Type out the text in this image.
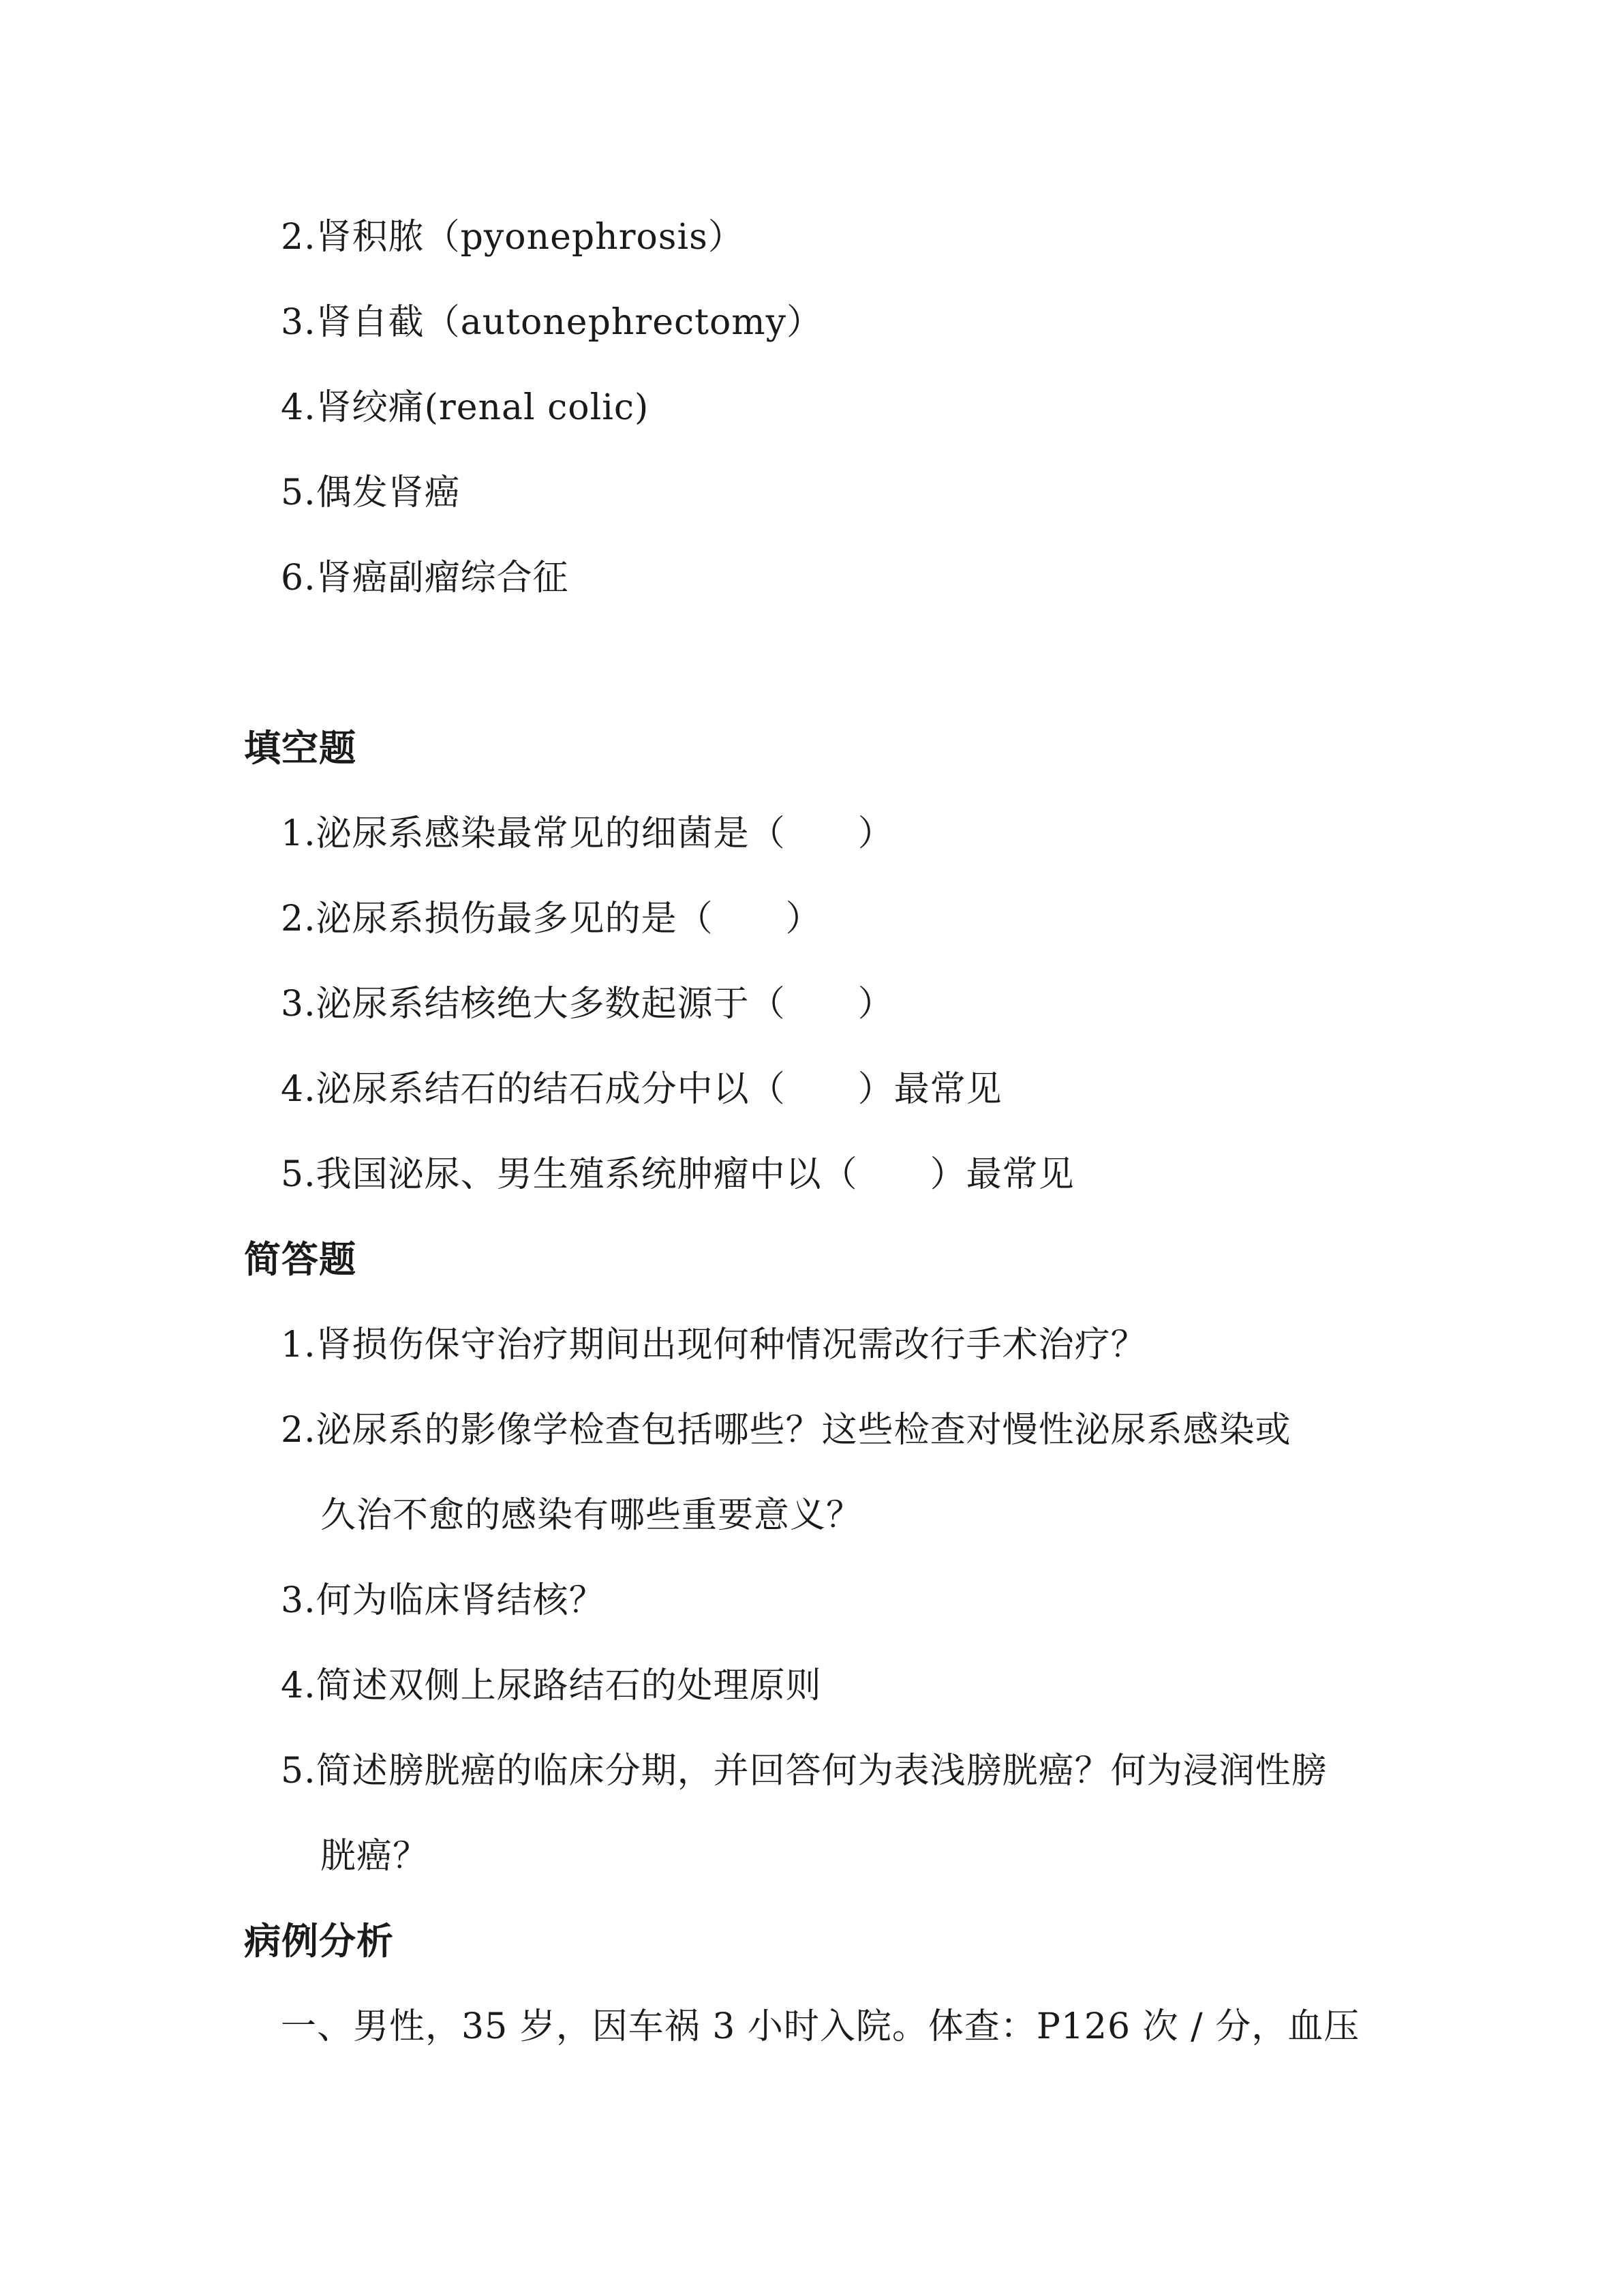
2.肾积脓（pyonephrosis）
3.肾自截（autonephrectomy）
4.肾绞痛(renal colic)
5.偶发肾癌
6.肾癌副瘤综合征
填空题
1.泌尿系感染最常见的细菌是（　　）
2.泌尿系损伤最多见的是（　　）
3.泌尿系结核绝大多数起源于（　　）
4.泌尿系结石的结石成分中以（　　）最常见
5.我国泌尿、男生殖系统肿瘤中以（　　）最常见
简答题
1.肾损伤保守治疗期间出现何种情况需改行手术治疗？
2.泌尿系的影像学检查包括哪些？这些检查对慢性泌尿系感染或
久治不愈的感染有哪些重要意义？
3.何为临床肾结核？
4.简述双侧上尿路结石的处理原则
5.简述膀胱癌的临床分期，并回答何为表浅膀胱癌？何为浸润性膀
胱癌？
病例分析
一、男性，35 岁，因车祸 3 小时入院。体查：P126 次 / 分，血压
